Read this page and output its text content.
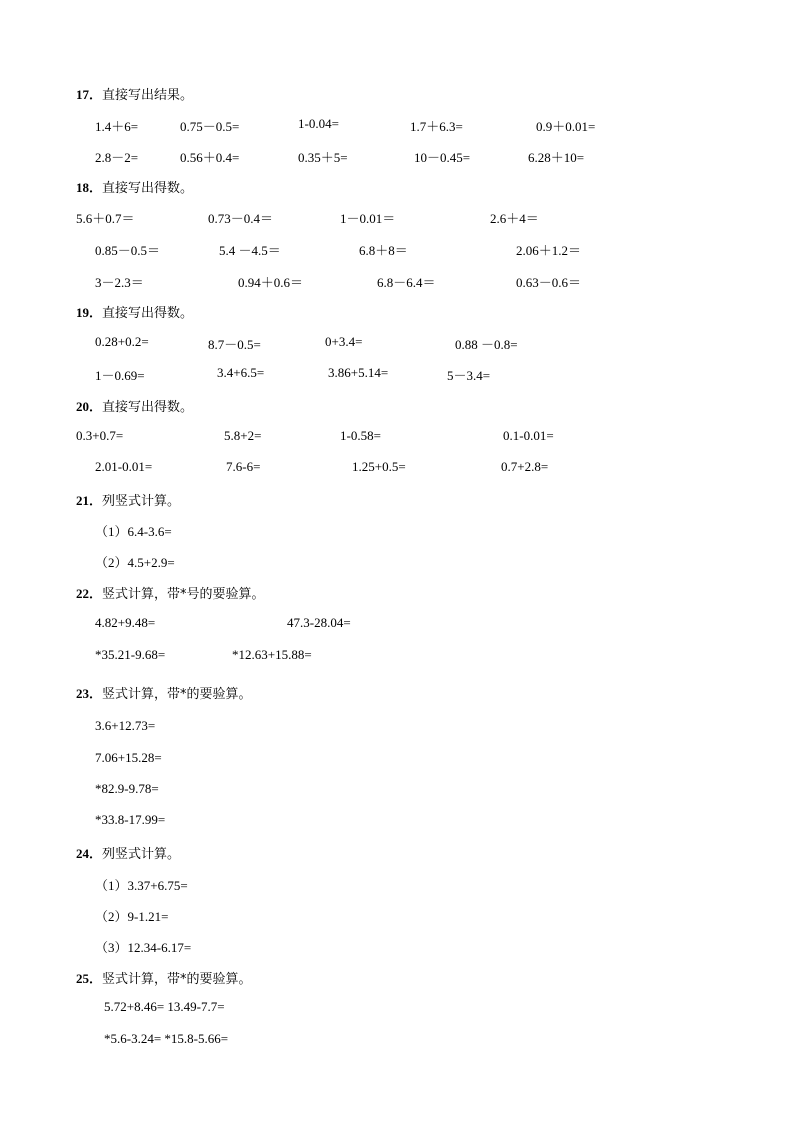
17．直接写出结果。
1.4＋6=	0.75－0.5=	1-0.04=	1.7＋6.3=	0.9＋0.01=
2.8－2=	0.56＋0.4=	0.35＋5=	10－0.45=	6.28＋10=
18．直接写出得数。
5.6＋0.7＝	0.73－0.4＝	1－0.01＝	2.6＋4＝
0.85－0.5＝	5.4 －4.5＝	6.8＋8＝	2.06＋1.2＝
3－2.3＝	0.94＋0.6＝	6.8－6.4＝	0.63－0.6＝
19．直接写出得数。
0.28+0.2=	8.7－0.5=	0+3.4=	0.88 －0.8=
1－0.69=	3.4+6.5=	3.86+5.14=	5－3.4=
20．直接写出得数。
0.3+0.7=	5.8+2=	1-0.58=	0.1-0.01=
2.01-0.01=	7.6-6=	1.25+0.5=	0.7+2.8=
21．列竖式计算。
（1）6.4-3.6=
（2）4.5+2.9=
22．竖式计算，带*号的要验算。
4.82+9.48=	47.3-28.04=
*35.21-9.68=	*12.63+15.88=
23．竖式计算，带*的要验算。
3.6+12.73=
7.06+15.28=
*82.9-9.78=
*33.8-17.99=
24．列竖式计算。
（1）3.37+6.75=
（2）9-1.21=
（3）12.34-6.17=
25．竖式计算，带*的要验算。
5.72+8.46= 13.49-7.7=
*5.6-3.24= *15.8-5.66=
